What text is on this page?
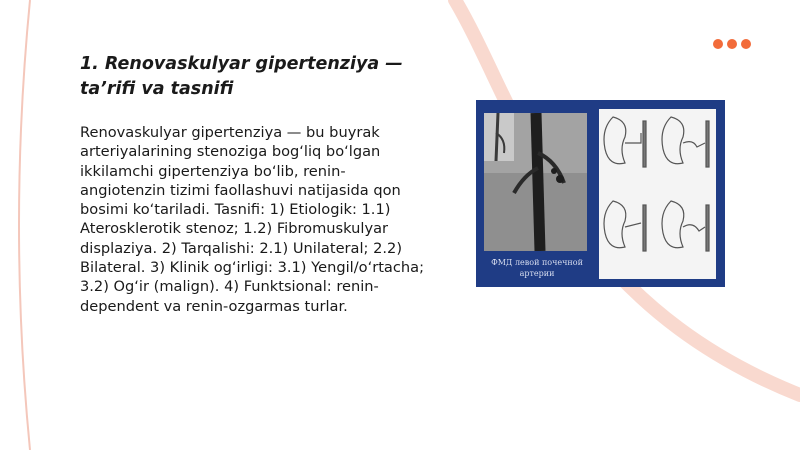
1. Renovaskulyar gipertenziya — ta’rifi va tasnifi

Renovaskulyar gipertenziya — bu buyrak arteriyalarining stenoziga bog‘liq bo‘lgan ikkilamchi gipertenziya bo‘lib, renin-angiotenzin tizimi faollashuvi natijasida qon bosimi ko‘tariladi. Tasnifi: 1) Etiologik: 1.1) Aterosklerotik stenoz; 1.2) Fibromuskulyar displaziya. 2) Tarqalishi: 2.1) Unilateral; 2.2) Bilateral. 3) Klinik og‘irligi: 3.1) Yengil/o‘rtacha; 3.2) Og‘ir (malign). 4) Funktsional: renin-dependent va renin-ozgarmas turlar.

ФМД левой почечной артерии
